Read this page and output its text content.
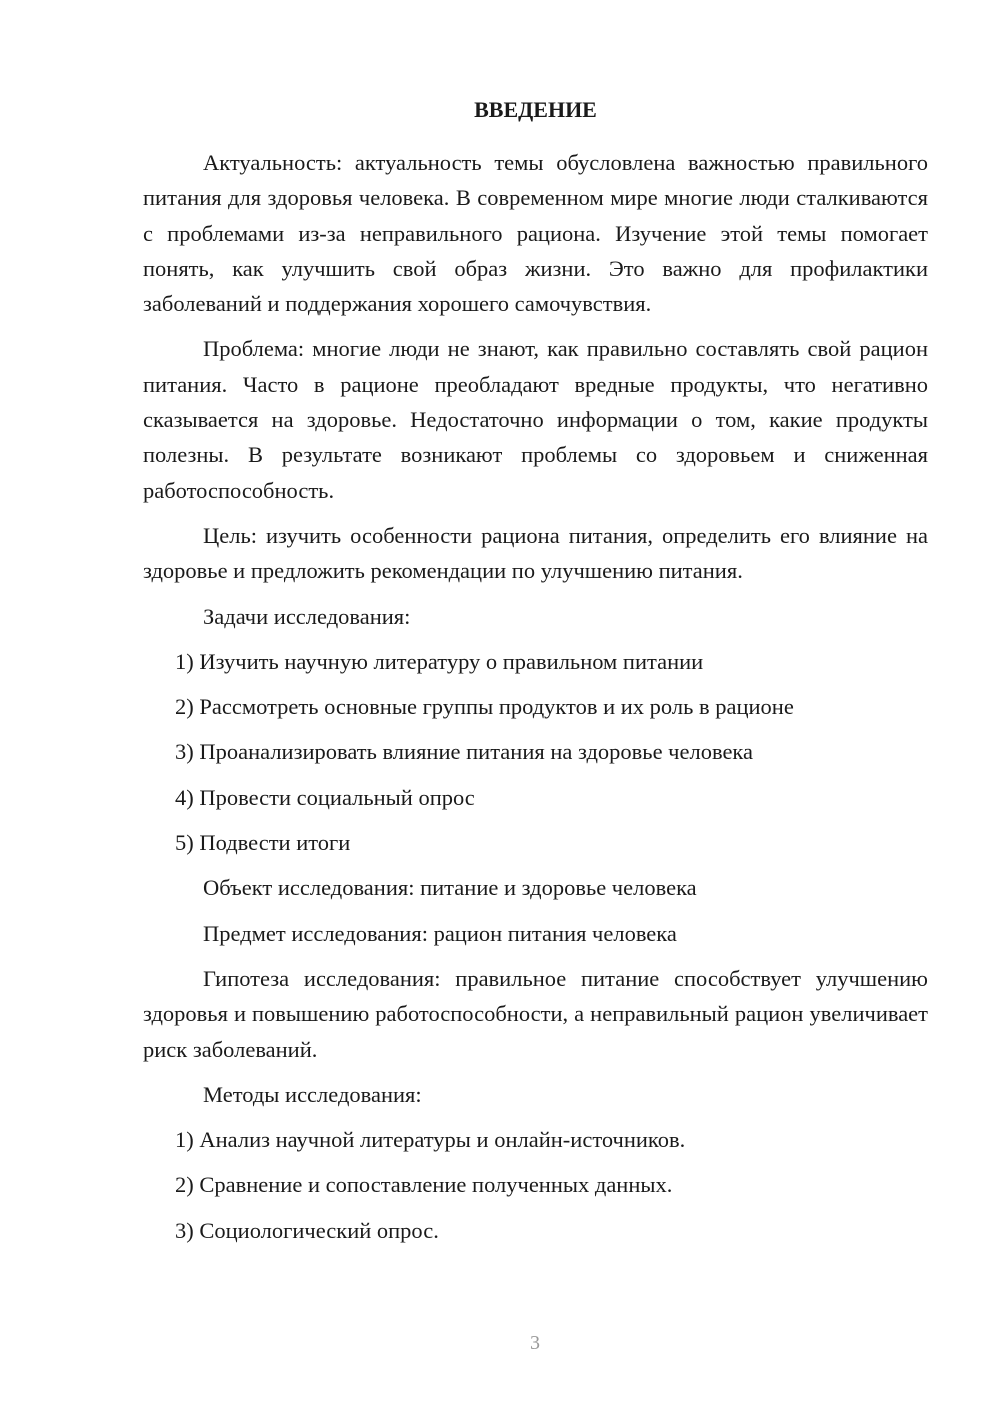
ВВЕДЕНИЕ

Актуальность: актуальность темы обусловлена важностью правильного питания для здоровья человека. В современном мире многие люди сталкиваются с проблемами из-за неправильного рациона. Изучение этой темы помогает понять, как улучшить свой образ жизни. Это важно для профилактики заболеваний и поддержания хорошего самочувствия.

Проблема: многие люди не знают, как правильно составлять свой рацион питания. Часто в рационе преобладают вредные продукты, что негативно сказывается на здоровье. Недостаточно информации о том, какие продукты полезны. В результате возникают проблемы со здоровьем и сниженная работоспособность.

Цель: изучить особенности рациона питания, определить его влияние на здоровье и предложить рекомендации по улучшению питания.

Задачи исследования:

1) Изучить научную литературу о правильном питании

2) Рассмотреть основные группы продуктов и их роль в рационе

3) Проанализировать влияние питания на здоровье человека

4) Провести социальный опрос

5) Подвести итоги

Объект исследования: питание и здоровье человека

Предмет исследования: рацион питания человека

Гипотеза исследования: правильное питание способствует улучшению здоровья и повышению работоспособности, а неправильный рацион увеличивает риск заболеваний.

Методы исследования:

1) Анализ научной литературы и онлайн-источников.

2) Сравнение и сопоставление полученных данных.

3) Социологический опрос.

3
